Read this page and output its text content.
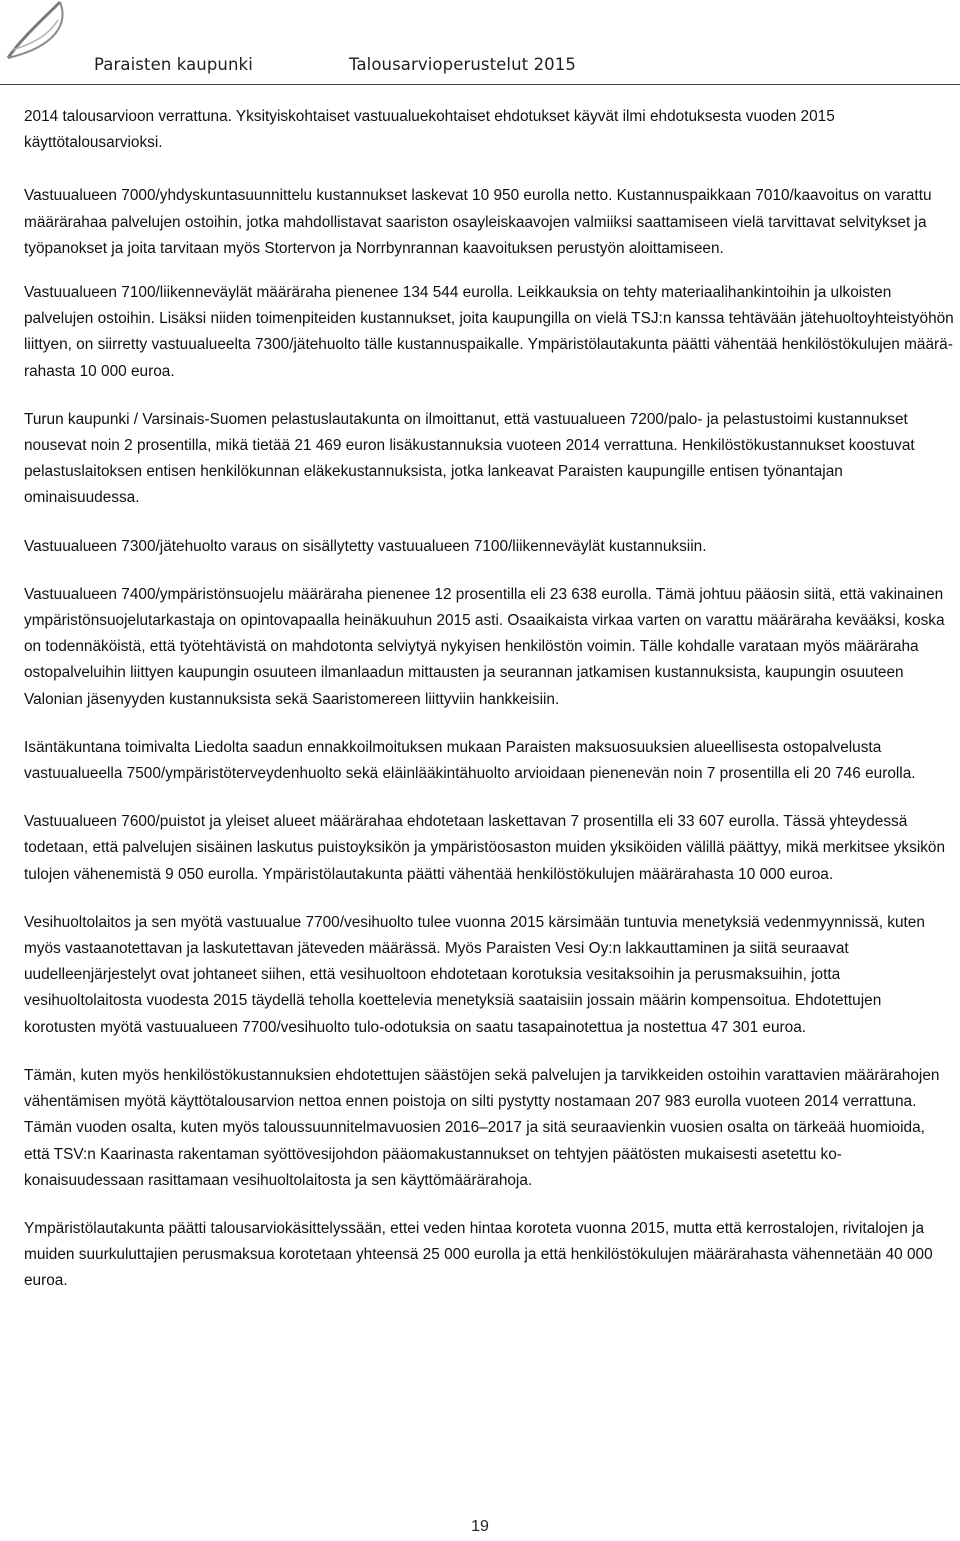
Paraisten kaupunki	Talousarvioperustelut 2015

2014 talousarvioon verrattuna. Yksityiskohtaiset vastuualuekohtaiset ehdotukset käyvät ilmi ehdotuksesta vuoden 2015 käyttötalousarvioksi.

Vastuualueen 7000/yhdyskuntasuunnittelu kustannukset laskevat 10 950 eurolla netto. Kustannuspaikkaan 7010/kaavoitus on varattu määrärahaa palvelujen ostoihin, jotka mahdollistavat saariston osayleiskaavojen valmiiksi saattamiseen vielä tarvittavat selvitykset ja työpanokset ja joita tarvitaan myös Stortervon ja Norrbynrannan kaavoituksen perustyön aloittamiseen.

Vastuualueen 7100/liikenneväylät määräraha pienenee 134 544 eurolla. Leikkauksia on tehty materiaalihankintoihin ja ulkoisten palvelujen ostoihin. Lisäksi niiden toimenpiteiden kustannukset, joita kaupungilla on vielä TSJ:n kanssa tehtävään jätehuoltoyhteistyöhön liittyen, on siirretty vastuualueelta 7300/jätehuolto tälle kustannuspaikalle. Ympäristölautakunta päätti vähentää henkilöstökulujen määrärahasta 10 000 euroa.

Turun kaupunki / Varsinais-Suomen pelastuslautakunta on ilmoittanut, että vastuualueen 7200/palo- ja pelastustoimi kustannukset nousevat noin 2 prosentilla, mikä tietää 21 469 euron lisäkustannuksia vuoteen 2014 verrattuna. Henkilöstökustannukset koostuvat pelastuslaitoksen entisen henkilökunnan eläkekustannuksista, jotka lankeavat Paraisten kaupungille entisen työnantajan ominaisuudessa.

Vastuualueen 7300/jätehuolto varaus on sisällytetty vastuualueen 7100/liikenneväylät kustannuksiin.

Vastuualueen 7400/ympäristönsuojelu määräraha pienenee 12 prosentilla eli 23 638 eurolla. Tämä johtuu pääosin siitä, että vakinainen ympäristönsuojelutarkastaja on opintovapaalla heinäkuuhun 2015 asti. Osaaikaista virkaa varten on varattu määräraha kevääksi, koska on todennäköistä, että työtehtävistä on mahdotonta selviytyä nykyisen henkilöstön voimin. Tälle kohdalle varataan myös määräraha ostopalveluihin liittyen kaupungin osuuteen ilmanlaadun mittausten ja seurannan jatkamisen kustannuksista, kaupungin osuuteen Valonian jäsenyyden kustannuksista sekä Saaristomereen liittyviin hankkeisiin.

Isäntäkuntana toimivalta Liedolta saadun ennakkoilmoituksen mukaan Paraisten maksuosuuksien alueellisesta ostopalvelusta vastuualueella 7500/ympäristöterveydenhuolto sekä eläinlääkintähuolto arvioidaan pienenevän noin 7 prosentilla eli 20 746 eurolla.

Vastuualueen 7600/puistot ja yleiset alueet määrärahaa ehdotetaan laskettavan 7 prosentilla eli 33 607 eurolla. Tässä yhteydessä todetaan, että palvelujen sisäinen laskutus puistoyksikön ja ympäristöosaston muiden yksiköiden välillä päättyy, mikä merkitsee yksikön tulojen vähenemistä 9 050 eurolla. Ympäristölautakunta päätti vähentää henkilöstökulujen määrärahasta 10 000 euroa.

Vesihuoltolaitos ja sen myötä vastuualue 7700/vesihuolto tulee vuonna 2015 kärsimään tuntuvia menetyksiä vedenmyynnissä, kuten myös vastaanotettavan ja laskutettavan jäteveden määrässä. Myös Paraisten Vesi Oy:n lakkauttaminen ja siitä seuraavat uudelleenjärjestelyt ovat johtaneet siihen, että vesihuoltoon ehdotetaan korotuksia vesitaksoihin ja perusmaksuihin, jotta vesihuoltolaitosta vuodesta 2015 täydellä teholla koettelevia menetyksiä saataisiin jossain määrin kompensoitua. Ehdotettujen korotusten myötä vastuualueen 7700/vesihuolto tulo-odotuksia on saatu tasapainotettua ja nostettua 47 301 euroa.

Tämän, kuten myös henkilöstökustannuksien ehdotettujen säästöjen sekä palvelujen ja tarvikkeiden ostoihin varattavien määrärahojen vähentämisen myötä käyttötalousarvion nettoa ennen poistoja on silti pystytty nostamaan 207 983 eurolla vuoteen 2014 verrattuna. Tämän vuoden osalta, kuten myös taloussuunnitelmavuosien 2016–2017 ja sitä seuraavienkin vuosien osalta on tärkeää huomioida, että TSV:n Kaarinasta rakentaman syöttövesijohdon pääomakustannukset on tehtyjen päätösten mukaisesti asetettu kokonaisuudessaan rasittamaan vesihuoltolaitosta ja sen käyttömäärärahoja.

Ympäristölautakunta päätti talousarviokäsittelyssään, ettei veden hintaa koroteta vuonna 2015, mutta että kerrostalojen, rivitalojen ja muiden suurkuluttajien perusmaksua korotetaan yhteensä 25 000 eurolla ja että henkilöstökulujen määrärahasta vähennetään 40 000 euroa.

19
